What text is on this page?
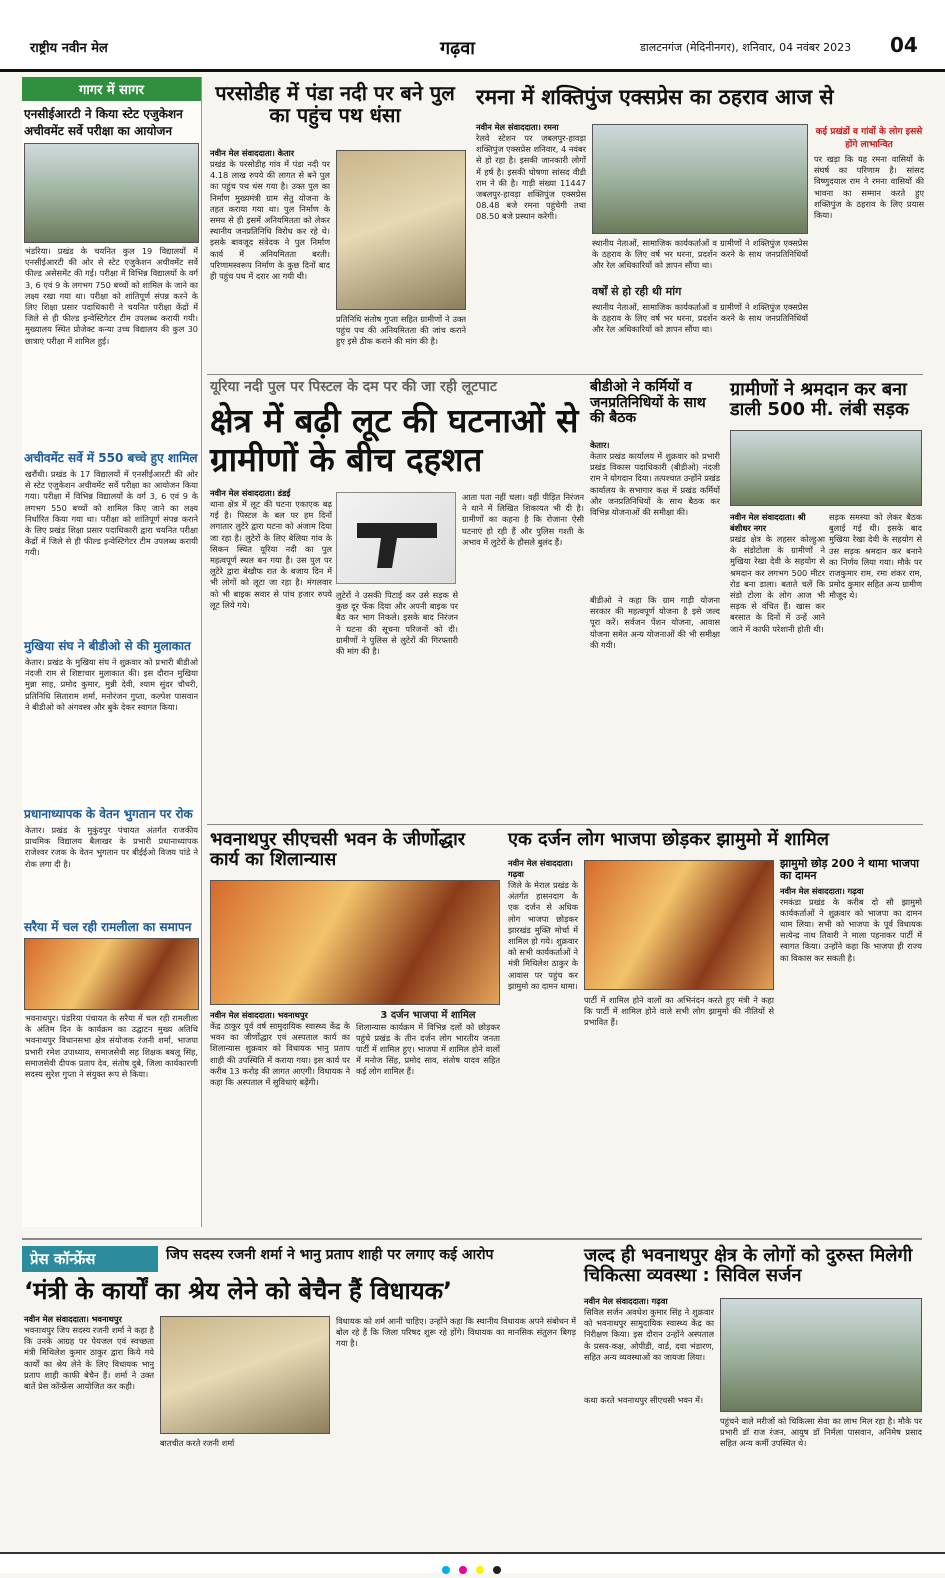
राष्ट्रीय नवीन मेल	गढ़वा	डालटनगंज (मेदिनीनगर), शनिवार, 04 नवंबर 2023 04
गागर में सागर
एनसीईआरटी ने किया स्टेट एजुकेशन अचीवमेंट सर्वे परीक्षा का आयोजन
भंडरिया। प्रखंड के चयनित कुल 19 विद्यालयों में एनसीईआरटी की ओर से स्टेट एजुकेशन अचीवमेंट सर्वे फील्ड असेसमेंट की गई। परीक्षा में विभिन्न विद्यालयों के वर्ग 3, 6 एवं 9 के लगभग 750 बच्चों को शामिल के जाने का लक्ष्य रखा गया था। परीक्षा को शांतिपूर्ण संपन्न करने के लिए शिक्षा प्रसार पदाधिकारी ने चयनित परीक्षा केंद्रों में जिले से ही फील्ड इन्वेस्टिगेटर टीम उपलब्ध करायी गयी। मुख्यालय स्थित प्रोजेक्ट कन्या उच्च विद्यालय की कुल 30 छात्राएं परीक्षा में शामिल हुई।
अचीवमेंट सर्वे में 550 बच्चे हुए शामिल
खरौंधी। प्रखंड के 17 विद्यालयों में एनसीईआरटी की ओर से स्टेट एजुकेशन अचीवमेंट सर्वे परीक्षा का आयोजन किया गया। परीक्षा में विभिन्न विद्यालयों के वर्ग 3, 6 एवं 9 के लगभग 550 बच्चों को शामिल किए जाने का लक्ष्य निर्धारित किया गया था। परीक्षा को शांतिपूर्ण संपन्न कराने के लिए प्रखंड शिक्षा प्रसार पदाधिकारी द्वारा चयनित परीक्षा केंद्रों में जिले से ही फील्ड इन्वेस्टिगेटर टीम उपलब्ध करायी गयी।
मुखिया संघ ने बीडीओ से की मुलाकात
केतार। प्रखंड के मुखिया संघ ने शुक्रवार को प्रभारी बीडीओ नंदजी राम से शिष्टाचार मुलाकात की। इस दौरान मुखिया मुन्ना साह, प्रमोद कुमार, मुन्नी देवी, श्याम सुंदर चौधरी, प्रतिनिधि सिताराम शर्मा, मनोरंजन गुप्ता, कल्पेश पासवान ने बीडीओ को अंगवस्त्र और बुके देकर स्वागत किया।
प्रधानाध्यापक के वेतन भुगतान पर रोक
केतार। प्रखंड के मुकुंदपुर पंचायत अंतर्गत राजकीय प्राथमिक विद्यालय बैलाखर के प्रभारी प्रधानाध्यापक राजेश्वर रजक के वेतन भुगतान पर बीईईओ विजय पांडे ने रोक लगा दी है।
सरैया में चल रही रामलीला का समापन
भवनाथपुर। पंडरिया पंचायत के सरैया में चल रही रामलीला के अंतिम दिन के कार्यक्रम का उद्घाटन मुख्य अतिथि भवनाथपुर विधानसभा क्षेत्र संयोजक रंजनी शर्मा, भाजपा प्रभारी रमेश उपाध्याय, समाजसेवी सह शिक्षक बबलू सिंह, समाजसेवी दीपक प्रताप देव, संतोष दुबे, जिला कार्यकारणी सदस्य सुरेश गुप्ता ने संयुक्त रूप से किया।
परसोडीह में पंडा नदी पर बने पुल का पहुंच पथ धंसा
नवीन मेल संवाददाता। केतार
प्रखंड के परसोडीह गांव में पंडा नदी पर 4.18 लाख रुपये की लागत से बने पुल का पहुंच पथ धंस गया है। उक्त पुल का निर्माण मुख्यमंत्री ग्राम सेतु योजना के तहत कराया गया था। पुल निर्माण के समय से ही इसमें अनियमितता को लेकर स्थानीय जनप्रतिनिधि विरोध कर रहे थे। इसके बावजूद संवेदक ने पुल निर्माण कार्य में अनियमितता बरती। परिणामस्वरूप निर्माण के कुछ दिनों बाद ही पहुंच पथ में दरार आ गयी थी।
प्रतिनिधि संतोष गुप्ता सहित ग्रामीणों ने उक्त पहुंच पथ की अनियमितता की जांच कराने हुए इसे ठीक कराने की मांग की है।
रमना में शक्तिपुंज एक्सप्रेस का ठहराव आज से
नवीन मेल संवाददाता। रमना
रेलवे स्टेशन पर जबलपुर-हावड़ा शक्तिपुंज एक्सप्रेस शनिवार, 4 नवंबर से हो रहा है। इसकी जानकारी लोगों में हर्ष है। इसकी घोषणा सांसद वीडी राम ने की है। गाड़ी संख्या 11447 जबलपुर-हावड़ा शक्तिपुंज एक्सप्रेस 08.48 बजे रमना पहुंचेगी तथा 08.50 बजे प्रस्थान करेगी।
स्थानीय नेताओं, सामाजिक कार्यकर्ताओं व ग्रामीणों ने शक्तिपुंज एक्सप्रेस के ठहराव के लिए वर्ष भर धरना, प्रदर्शन करने के साथ जनप्रतिनिधियों और रेल अधिकारियों को ज्ञापन सौंपा था।
वर्षों से हो रही थी मांग
स्थानीय नेताओं, सामाजिक कार्यकर्ताओं व ग्रामीणों ने शक्तिपुंज एक्सप्रेस के ठहराव के लिए वर्ष भर धरना, प्रदर्शन करने के साथ जनप्रतिनिधियों और रेल अधिकारियों को ज्ञापन सौंपा था।
कई प्रखंडों व गांवों के लोग इससे होंगे लाभान्वित
पर खड़ा कि यह रमना वासियों के संघर्ष का परिणाम है। सांसद विष्णुदयाल राम ने रमना वासियों की भावना का सम्मान करते हुए शक्तिपुंज के ठहराव के लिए प्रयास किया।
यूरिया नदी पुल पर पिस्टल के दम पर की जा रही लूटपाट
क्षेत्र में बढ़ी लूट की घटनाओं से ग्रामीणों के बीच दहशत
नवीन मेल संवाददाता। डंडई
थाना क्षेत्र में लूट की घटना एकाएक बढ़ गई है। पिस्टल के बल पर हम दिनों लगातार लुटेरे द्वारा घटना को अंजाम दिया जा रहा है। लुटेरों के लिए बेलिया गांव के सिकन स्थित यूरिया नदी का पुल महत्वपूर्ण स्थल बन गया है। उस पुल पर लुटेरे द्वारा बेखौफ रात के बजाय दिन में भी लोगों को लूटा जा रहा है। मंगलवार को भी बाइक सवार से पांच हजार रुपये लूट लिये गये।
लुटेरों ने उसकी पिटाई कर उसे सड़क से कुछ दूर फेंक दिया और अपनी बाइक पर बैठ कर भाग निकले। इसके बाद निरंजन ने घटना की सूचना परिजनों को दी। ग्रामीणों ने पुलिस से लुटेरों की गिरफ्तारी की मांग की है।
आता पता नहीं चला। वहीं पीड़ित निरंजन ने थाने में लिखित शिकायत भी दी है। ग्रामीणों का कहना है कि रोजाना ऐसी घटनाएं हो रही हैं और पुलिस गश्ती के अभाव में लुटेरों के हौसले बुलंद हैं।
बीडीओ ने कर्मियों व जनप्रतिनिधियों के साथ की बैठक
केतार।
केतार प्रखंड कार्यालय में शुक्रवार को प्रभारी प्रखंड विकास पदाधिकारी (बीडीओ) नंदजी राम ने योगदान दिया। तत्पश्चात उन्होंने प्रखंड कार्यालय के सभागार कक्ष में प्रखंड कर्मियों और जनप्रतिनिधियों के साथ बैठक कर विभिन्न योजनाओं की समीक्षा की।
बीडीओ ने कहा कि ग्राम गाड़ी योजना सरकार की महत्वपूर्ण योजना है इसे जल्द पूरा करें। सर्वजन पेंशन योजना, आवास योजना समेत अन्य योजनाओं की भी समीक्षा की गयी।
ग्रामीणों ने श्रमदान कर बना डाली 500 मी. लंबी सड़क
नवीन मेल संवाददाता। श्री बंशीधर नगर
प्रखंड क्षेत्र के लहसर कोल्हुआ के संडोटोला के ग्रामीणों ने मुखिया रेखा देवी के सहयोग से श्रमदान कर लगभग 500 मीटर रोड बना डाला। बताते चलें कि संडो टोला के लोग आज भी सड़क से वंचित हैं। खास कर बरसात के दिनों में उन्हें आने जाने में काफी परेशानी होती थी।
सड़क समस्या को लेकर बैठक बुलाई गई थी। इसके बाद मुखिया रेखा देवी के सहयोग से उस सड़क श्रमदान कर बनाने का निर्णय लिया गया। मौके पर राजकुमार राम, रमा शंकर राम, प्रमोद कुमार सहित अन्य ग्रामीण मौजूद थे।
भवनाथपुर सीएचसी भवन के जीर्णोद्धार कार्य का शिलान्यास
नवीन मेल संवाददाता। भवनाथपुर
केंद्र ठाकुर पूर्व वर्ष सामुदायिक स्वास्थ्य केंद्र के भवन का जीर्णोद्धार एवं अस्पताल कार्य का शिलान्यास शुक्रवार को विधायक भानु प्रताप शाही की उपस्थिति में कराया गया। इस कार्य पर करीब 13 करोड़ की लागत आएगी। विधायक ने कहा कि अस्पताल में सुविधाएं बढ़ेंगी।
3 दर्जन भाजपा में शामिल
शिलान्यास कार्यक्रम में विभिन्न दलों को छोड़कर पहुंचे प्रखंड के तीन दर्जन लोग भारतीय जनता पार्टी में शामिल हुए। भाजपा में शामिल होने वालों में मनोज सिंह, प्रमोद साव, संतोष यादव सहित कई लोग शामिल हैं।
एक दर्जन लोग भाजपा छोड़कर झामुमो में शामिल
नवीन मेल संवाददाता। गढ़वा
जिले के मेराल प्रखंड के अंतर्गत हासनदाग के एक दर्जन से अधिक लोग भाजपा छोड़कर झारखंड मुक्ति मोर्चा में शामिल हो गये। शुक्रवार को सभी कार्यकर्ताओं ने मंत्री मिथिलेश ठाकुर के आवास पर पहुंच कर झामुमो का दामन थामा।
पार्टी में शामिल होने वालों का अभिनंदन करते हुए मंत्री ने कहा कि पार्टी में शामिल होने वाले सभी लोग झामुमो की नीतियों से प्रभावित हैं।
झामुमो छोड़ 200 ने थामा भाजपा का दामन
नवीन मेल संवाददाता। गढ़वा
रमकंडा प्रखंड के करीब दो सौ झामुमो कार्यकर्ताओं ने शुक्रवार को भाजपा का दामन थाम लिया। सभी को भाजपा के पूर्व विधायक सत्येन्द्र नाथ तिवारी ने माला पहनाकर पार्टी में स्वागत किया। उन्होंने कहा कि भाजपा ही राज्य का विकास कर सकती है।
प्रेस कॉन्फ्रेंस	जिप सदस्य रजनी शर्मा ने भानु प्रताप शाही पर लगाए कई आरोप
‘मंत्री के कार्यों का श्रेय लेने को बेचैन हैं विधायक’
नवीन मेल संवाददाता। भवनाथपुर
भवनाथपुर जिप सदस्य रजनी शर्मा ने कहा है कि उनके आग्रह पर पेयजल एवं स्वच्छता मंत्री मिथिलेश कुमार ठाकुर द्वारा किये गये कार्यों का श्रेय लेने के लिए विधायक भानु प्रताप शाही काफी बेचैन हैं। शर्मा ने उक्त बातें प्रेस कॉन्फ्रेंस आयोजित कर कही।
बातचीत करते रजनी शर्मा
विधायक को शर्म आनी चाहिए। उन्होंने कहा कि स्थानीय विधायक अपने संबोधन में बोल रहे हैं कि जिला परिषद शुरू रहे होंगे। विधायक का मानसिक संतुलन बिगड़ गया है।
जल्द ही भवनाथपुर क्षेत्र के लोगों को दुरुस्त मिलेगी चिकित्सा व्यवस्था : सिविल सर्जन
नवीन मेल संवाददाता। गढ़वा
सिविल सर्जन अवधेश कुमार सिंह ने शुक्रवार को भवनाथपुर सामुदायिक स्वास्थ्य केंद्र का निरीक्षण किया। इस दौरान उन्होंने अस्पताल के प्रसव-कक्ष, ओपीडी, वार्ड, दवा भंडारण, सहित अन्य व्यवस्थाओं का जायजा लिया।
कथा करते भवनाथपुर सीएचसी भवन में।
पहुंचने वाले मरीजों को चिकित्सा सेवा का लाभ मिल रहा है। मौके पर प्रभारी डॉ राज रंजन, आयुष डॉ निर्मला पासवान, अनिमेष प्रसाद सहित अन्य कर्मी उपस्थित थे।
